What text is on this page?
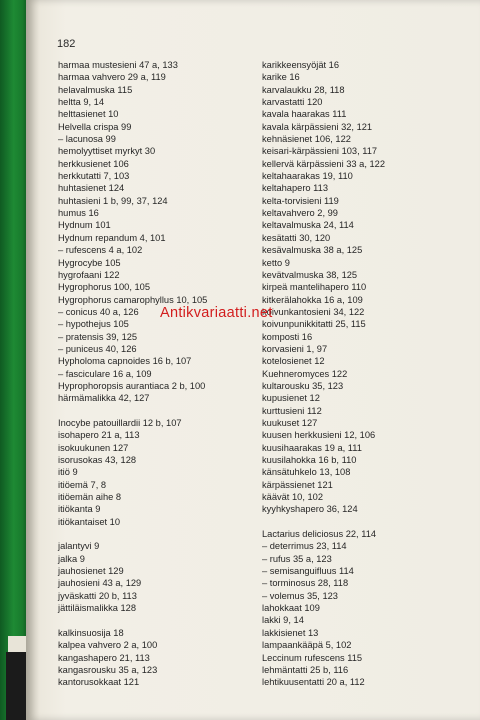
182
harmaa mustesieni 47 a, 133
harmaa vahvero 29 a, 119
helavalmuska 115
heltta 9, 14
helttasienet 10
Helvella crispa 99
– lacunosa 99
hemolyyttiset myrkyt 30
herkkusienet 106
herkkutatti 7, 103
huhtasienet 124
huhtasieni 1 b, 99, 37, 124
humus 16
Hydnum 101
Hydnum repandum 4, 101
– rufescens 4 a, 102
Hygrocybe 105
hygrofaani 122
Hygrophorus 100, 105
Hygrophorus camarophyllus 10, 105
– conicus 40 a, 126
– hypothejus 105
– pratensis 39, 125
– puniceus 40, 126
Hypholoma capnoides 16 b, 107
– fasciculare 16 a, 109
Hyprophoropsis aurantiaca 2 b, 100
härmämalikka 42, 127
Inocybe patouillardii 12 b, 107
isohapero 21 a, 113
isokuukunen 127
isorusokas 43, 128
itiö 9
itiöemä 7, 8
itiöemän aihe 8
itiökanta 9
itiökantaiset 10
jalantyvi 9
jalka 9
jauhosienet 129
jauhosieni 43 a, 129
jyväskatti 20 b, 113
jättiläismalikka 128
kalkinsuosija 18
kalpea vahvero 2 a, 100
kangashapero 21, 113
kangasrousku 35 a, 123
kantorusokkaat 121
karikkeensyöjät 16
karike 16
karvalaukku 28, 118
karvastatti 120
kavala haarakas 111
kavala kärpässieni 32, 121
kehnäsienet 106, 122
keisari-kärpässieni 103, 117
kellervä kärpässieni 33 a, 122
keltahaarakas 19, 110
keltahapero 113
kelta-torvisieni 119
keltavahvero 2, 99
keltavalmuska 24, 114
kesätatti 30, 120
kesävalmuska 38 a, 125
ketto 9
kevätvalmuska 38, 125
kirpeä mantelihapero 110
kitkerälahokka 16 a, 109
koivunkantosieni 34, 122
koivunpunikkitatti 25, 115
komposti 16
korvasieni 1, 97
kotelosienet 12
Kuehneromyces 122
kultarousku 35, 123
kupusienet 12
kurttusieni 112
kuukuset 127
kuusen herkkusieni 12, 106
kuusihaarakas 19 a, 111
kuusilahokka 16 b, 110
känsätuhkelo 13, 108
kärpässienet 121
käävät 10, 102
kyyhkyshapero 36, 124
Lactarius deliciosus 22, 114
– deterrimus 23, 114
– rufus 35 a, 123
– semisanguifluus 114
– torminosus 28, 118
– volemus 35, 123
lahokkaat 109
lakki 9, 14
lakkisienet 13
lampaankääpä 5, 102
Leccinum rufescens 115
lehmäntatti 25 b, 116
lehtikuusentatti 20 a, 112
Antikvariaatti.net
